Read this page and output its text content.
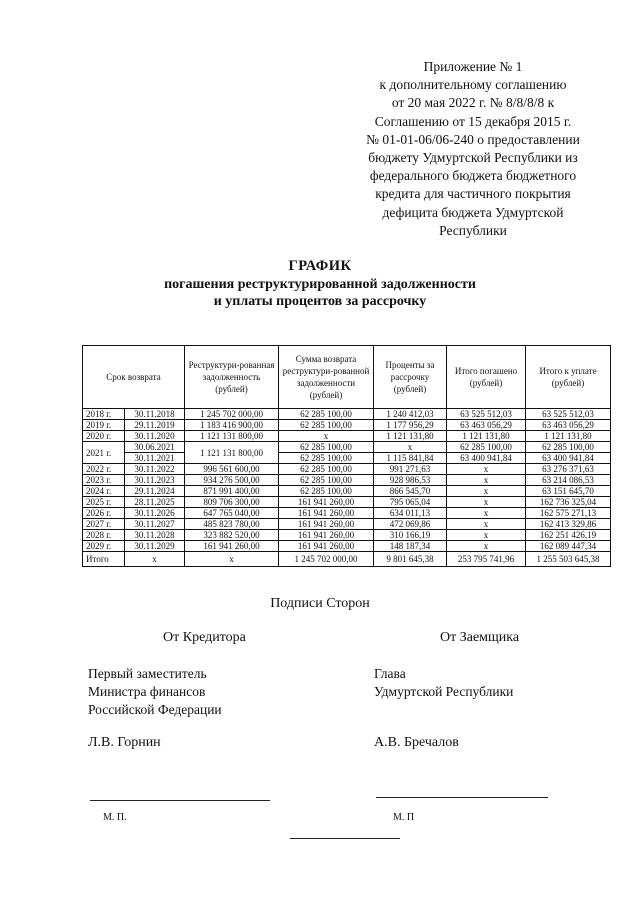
Приложение № 1
к дополнительному соглашению
от 20 мая 2022 г. № 8/8/8/8 к
Соглашению от 15 декабря 2015 г.
№ 01-01-06/06-240 о предоставлении
бюджету Удмуртской Республики из
федерального бюджета бюджетного
кредита для частичного покрытия
дефицита бюджета Удмуртской
Республики
ГРАФИК
погашения реструктурированной задолженности
и уплаты процентов за рассрочку
Срок возврата		Реструктури-рованная задолженность (рублей)	Сумма возврата реструктури-рованной задолженности (рублей)	Проценты за рассрочку (рублей)	Итого погашено (рублей)	Итого к уплате (рублей)
2018 г.	30.11.2018	1 245 702 000,00	62 285 100,00	1 240 412,03	63 525 512,03	63 525 512,03
2019 г.	29.11.2019	1 183 416 900,00	62 285 100,00	1 177 956,29	63 463 056,29	63 463 056,29
2020 г.	30.11.2020	1 121 131 800,00	x	1 121 131,80	1 121 131,80	1 121 131,80
2021 г.	30.06.2021	1 121 131 800,00	62 285 100,00	x	62 285 100,00	62 285 100,00
	30.11.2021		62 285 100,00	1 115 841,84	63 400 941,84	63 400 941,84
2022 г.	30.11.2022	996 561 600,00	62 285 100,00	991 271,63	x	63 276 371,63
2023 г.	30.11.2023	934 276 500,00	62 285 100,00	928 986,53	x	63 214 086,53
2024 г.	29.11.2024	871 991 400,00	62 285 100,00	866 545,70	x	63 151 645,70
2025 г.	28.11.2025	809 706 300,00	161 941 260,00	795 065,04	x	162 736 325,04
2026 г.	30.11.2026	647 765 040,00	161 941 260,00	634 011,13	x	162 575 271,13
2027 г.	30.11.2027	485 823 780,00	161 941 260,00	472 069,86	x	162 413 329,86
2028 г.	30.11.2028	323 882 520,00	161 941 260,00	310 166,19	x	162 251 426,19
2029 г.	30.11.2029	161 941 260,00	161 941 260,00	148 187,34	x	162 089 447,34
Итого	x	x	1 245 702 000,00	9 801 645,38	253 795 741,96	1 255 503 645,38
Подписи Сторон
От Кредитора	От Заемщика
Первый заместитель
Министра финансов
Российской Федерации
Глава
Удмуртской Республики
Л.В. Горнин	А.В. Бречалов
М. П.	М. П
